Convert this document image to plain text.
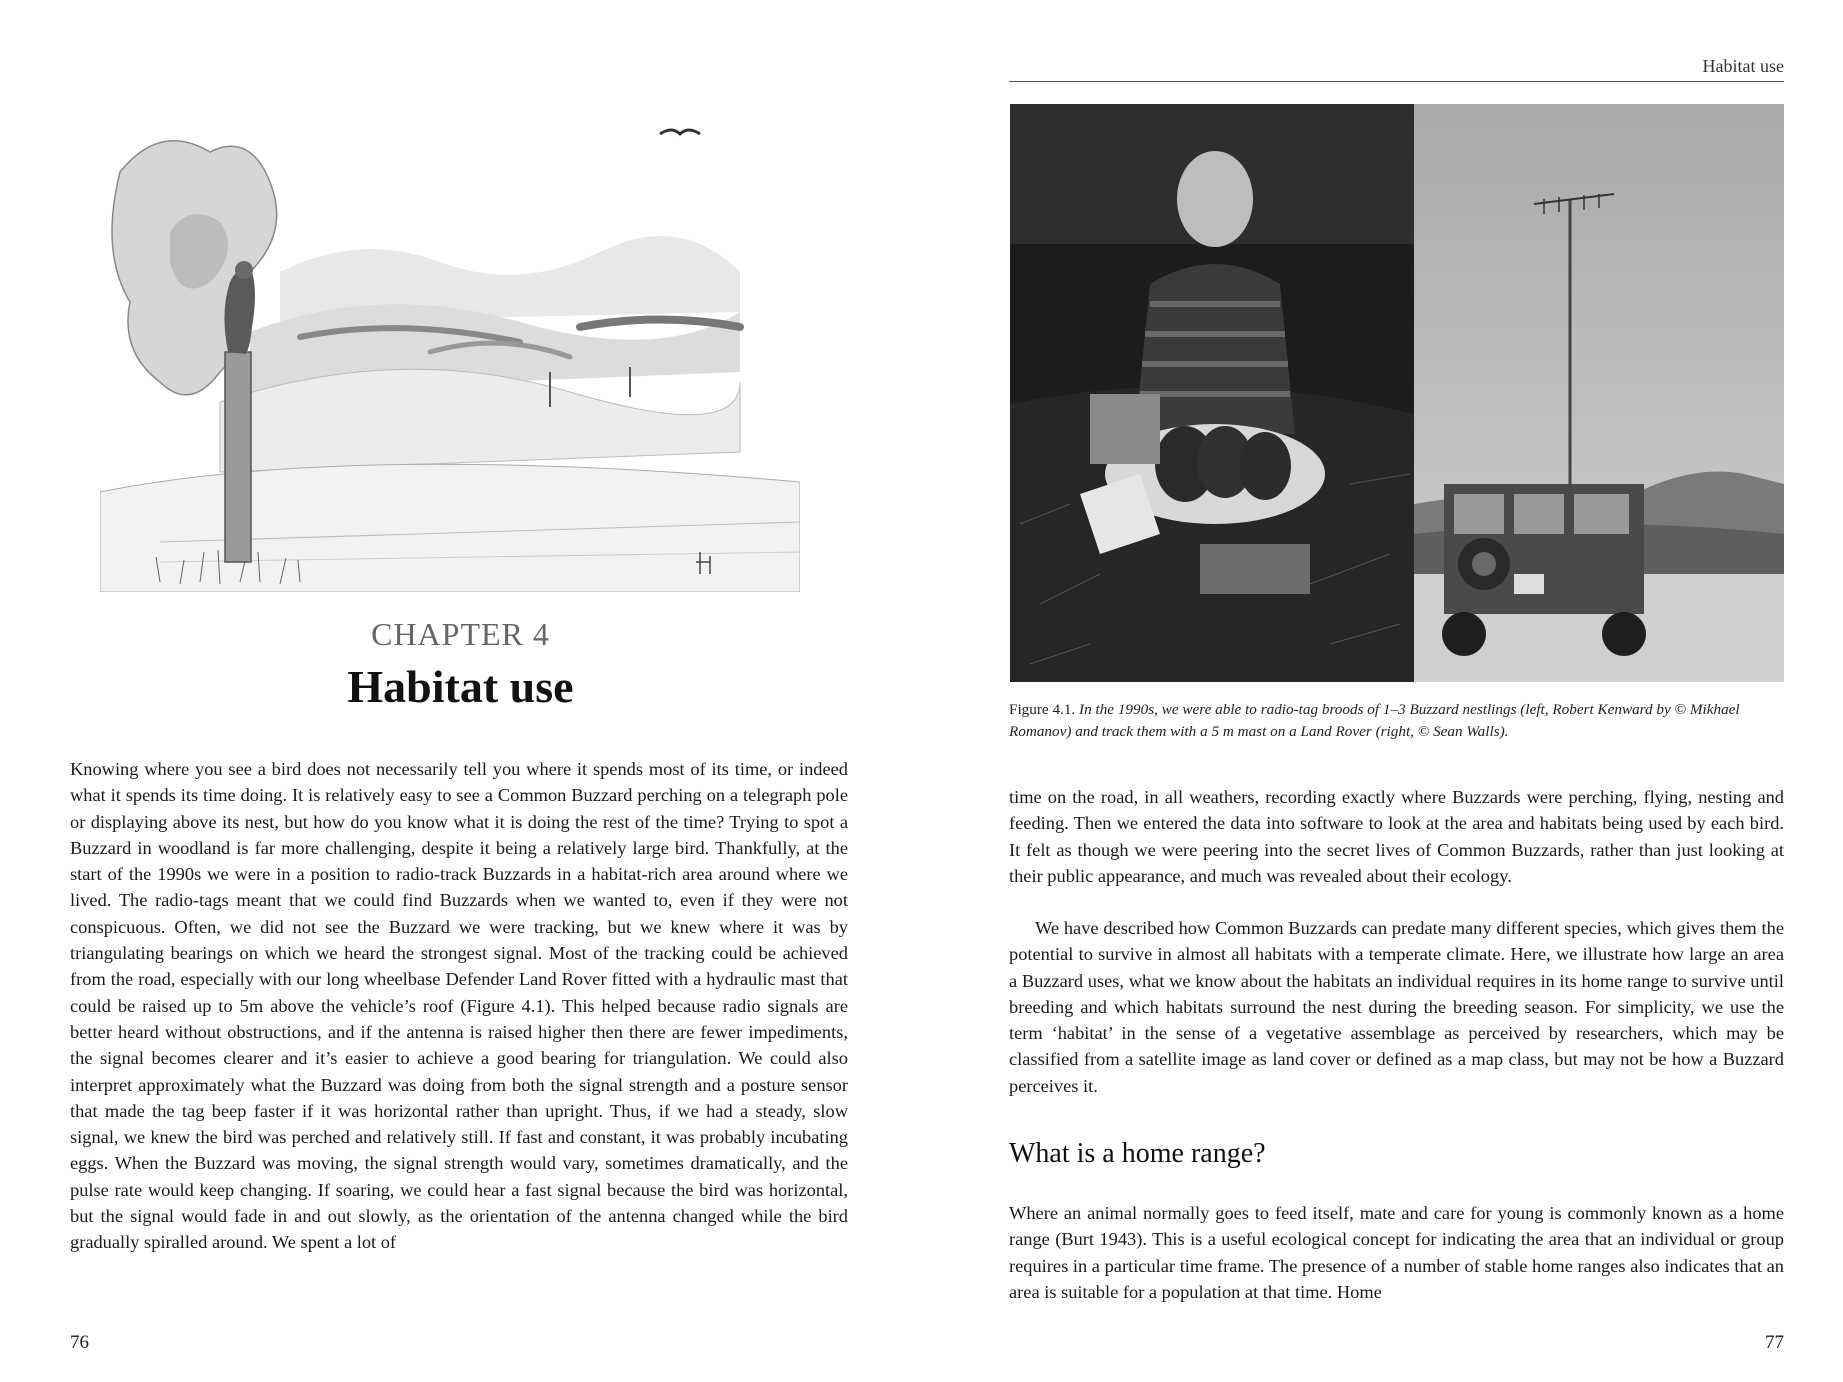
CHAPTER 4
Habitat use

Knowing where you see a bird does not necessarily tell you where it spends most of its time, or indeed what it spends its time doing. It is relatively easy to see a Common Buzzard perching on a telegraph pole or displaying above its nest, but how do you know what it is doing the rest of the time? Trying to spot a Buzzard in woodland is far more challenging, despite it being a relatively large bird. Thankfully, at the start of the 1990s we were in a position to radio-track Buzzards in a habitat-rich area around where we lived. The radio-tags meant that we could find Buzzards when we wanted to, even if they were not conspicuous. Often, we did not see the Buzzard we were tracking, but we knew where it was by triangulating bearings on which we heard the strongest signal. Most of the tracking could be achieved from the road, especially with our long wheelbase Defender Land Rover fitted with a hydraulic mast that could be raised up to 5m above the vehicle’s roof (Figure 4.1). This helped because radio signals are better heard without obstructions, and if the antenna is raised higher then there are fewer impediments, the signal becomes clearer and it’s easier to achieve a good bearing for triangulation. We could also interpret approximately what the Buzzard was doing from both the signal strength and a posture sensor that made the tag beep faster if it was horizontal rather than upright. Thus, if we had a steady, slow signal, we knew the bird was perched and relatively still. If fast and constant, it was probably incubating eggs. When the Buzzard was moving, the signal strength would vary, sometimes dramatically, and the pulse rate would keep changing. If soaring, we could hear a fast signal because the bird was horizontal, but the signal would fade in and out slowly, as the orientation of the antenna changed while the bird gradually spiralled around. We spent a lot of

76
Habitat use

Figure 4.1. In the 1990s, we were able to radio-tag broods of 1–3 Buzzard nestlings (left, Robert Kenward by © Mikhael Romanov) and track them with a 5 m mast on a Land Rover (right, © Sean Walls).

time on the road, in all weathers, recording exactly where Buzzards were perching, flying, nesting and feeding. Then we entered the data into software to look at the area and habitats being used by each bird. It felt as though we were peering into the secret lives of Common Buzzards, rather than just looking at their public appearance, and much was revealed about their ecology.

We have described how Common Buzzards can predate many different species, which gives them the potential to survive in almost all habitats with a temperate climate. Here, we illustrate how large an area a Buzzard uses, what we know about the habitats an individual requires in its home range to survive until breeding and which habitats surround the nest during the breeding season. For simplicity, we use the term ‘habitat’ in the sense of a vegetative assemblage as perceived by researchers, which may be classified from a satellite image as land cover or defined as a map class, but may not be how a Buzzard perceives it.

What is a home range?

Where an animal normally goes to feed itself, mate and care for young is commonly known as a home range (Burt 1943). This is a useful ecological concept for indicating the area that an individual or group requires in a particular time frame. The presence of a number of stable home ranges also indicates that an area is suitable for a population at that time. Home

77
